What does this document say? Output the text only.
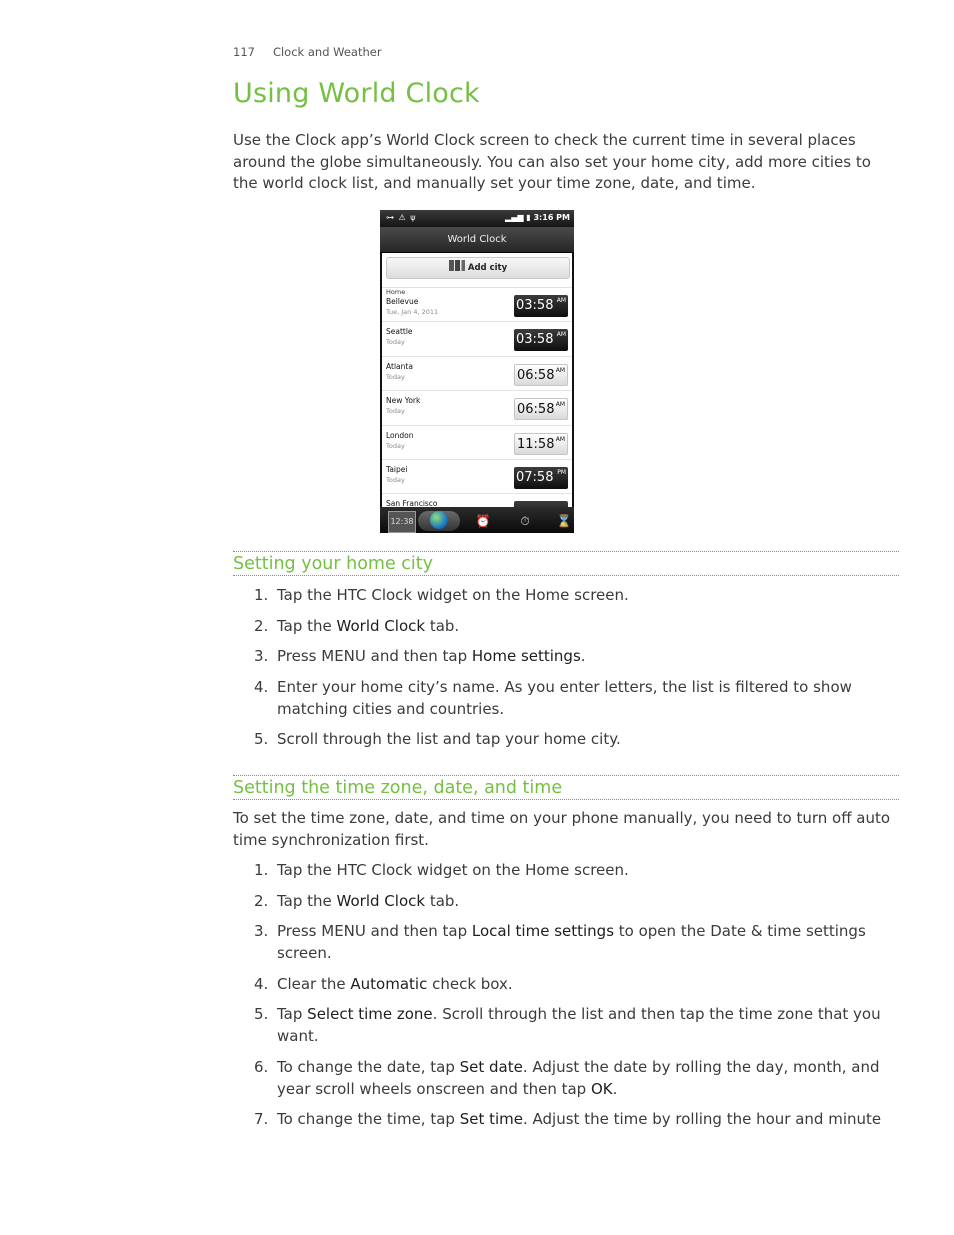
117 Clock and Weather
Using World Clock

Use the Clock app’s World Clock screen to check the current time in several places around the globe simultaneously. You can also set your home city, add more cities to the world clock list, and manually set your time zone, date, and time.

Setting your home city
1. Tap the HTC Clock widget on the Home screen.
2. Tap the World Clock tab.
3. Press MENU and then tap Home settings.
4. Enter your home city’s name. As you enter letters, the list is filtered to show matching cities and countries.
5. Scroll through the list and tap your home city.
Setting the time zone, date, and time

To set the time zone, date, and time on your phone manually, you need to turn off auto time synchronization first.

1. Tap the HTC Clock widget on the Home screen.
2. Tap the World Clock tab.
3. Press MENU and then tap Local time settings to open the Date & time settings screen.
4. Clear the Automatic check box.
5. Tap Select time zone. Scroll through the list and then tap the time zone that you want.
6. To change the date, tap Set date. Adjust the date by rolling the day, month, and year scroll wheels onscreen and then tap OK.
7. To change the time, tap Set time. Adjust the time by rolling the hour and minute
⊶ ⚠ ψ	▂▄▆ ▮ 3:16 PM
World Clock
Add city
Home
Bellevue
Tue, Jan 4, 2011	03:58 AM
Seattle
Today	03:58 AM
Atlanta
Today	06:58 AM
New York
Today	06:58 AM
London
Today	11:58 AM
Taipei
Today	07:58 PM
San Francisco
12:38	⏰	⏱	⌛
